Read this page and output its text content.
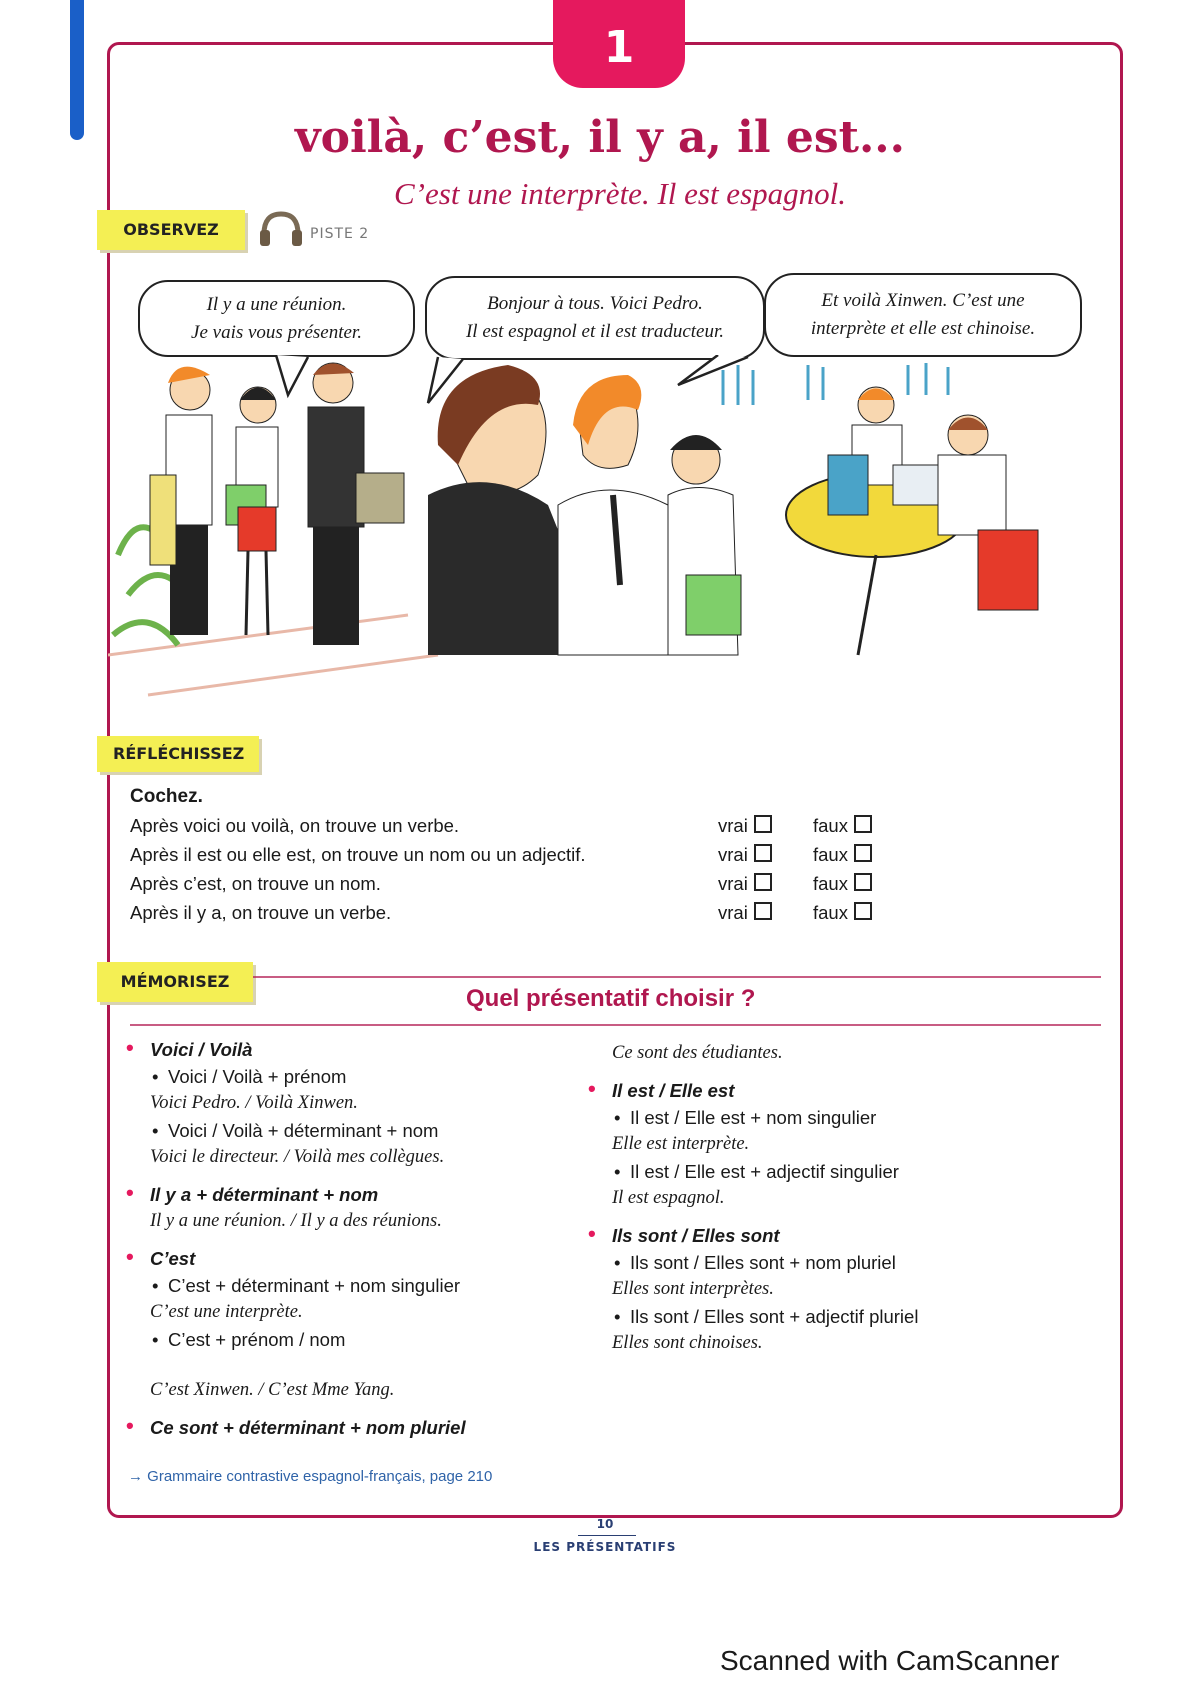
1
voilà, c’est, il y a, il est...
C’est une interprète. Il est espagnol.
OBSERVEZ	PISTE 2
Il y a une réunion.
Je vais vous présenter.
Bonjour à tous. Voici Pedro.
Il est espagnol et il est traducteur.
Et voilà Xinwen. C’est une
interprète et elle est chinoise.
RÉFLÉCHISSEZ
Cochez.
Après voici ou voilà, on trouve un verbe.	vrai	faux
Après il est ou elle est, on trouve un nom ou un adjectif.	vrai	faux
Après c’est, on trouve un nom.	vrai	faux
Après il y a, on trouve un verbe.	vrai	faux
MÉMORISEZ
Quel présentatif choisir ?

• Voici / Voilà

• Voici / Voilà + prénom

Voici Pedro. / Voilà Xinwen.

• Voici / Voilà + déterminant + nom

Voici le directeur. / Voilà mes collègues.

• Il y a + déterminant + nom

Il y a une réunion. / Il y a des réunions.

• C’est

• C’est + déterminant + nom singulier

C’est une interprète.

• C’est + prénom / nom

C’est Xinwen. / C’est Mme Yang.

• Ce sont + déterminant + nom pluriel

Ce sont des étudiantes.

• Il est / Elle est

• Il est / Elle est + nom singulier

Elle est interprète.

• Il est / Elle est + adjectif singulier

Il est espagnol.

• Ils sont / Elles sont

• Ils sont / Elles sont + nom pluriel

Elles sont interprètes.

• Ils sont / Elles sont + adjectif pluriel

Elles sont chinoises.

→ Grammaire contrastive espagnol-français, page 210
10
LES PRÉSENTATIFS
Scanned with CamScanner
